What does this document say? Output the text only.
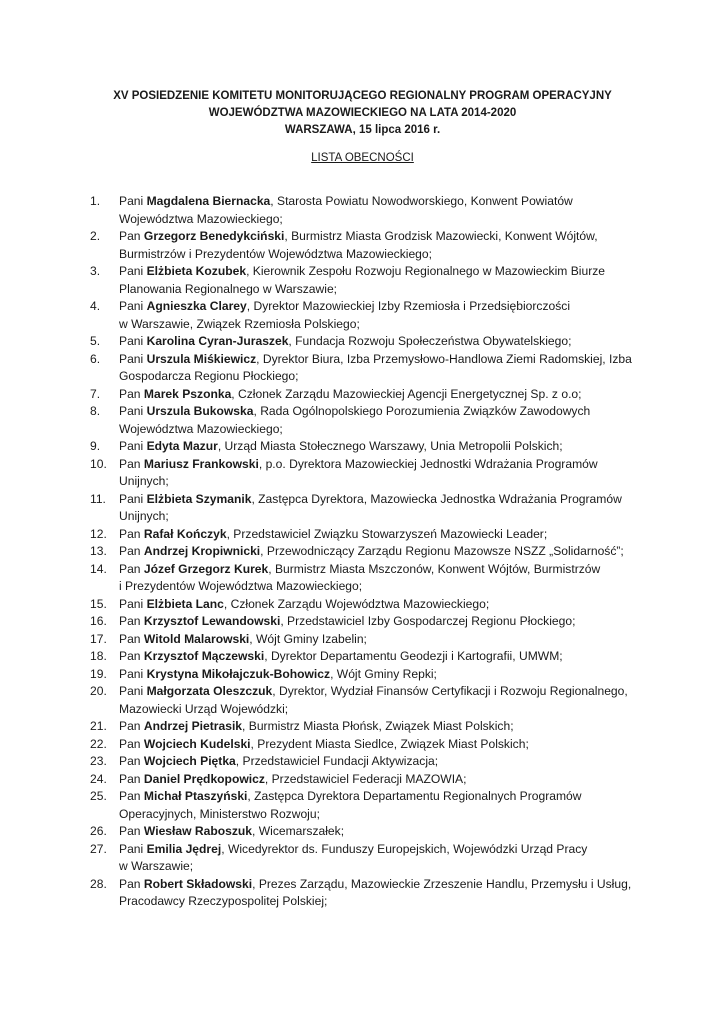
XV POSIEDZENIE KOMITETU MONITORUJĄCEGO REGIONALNY PROGRAM OPERACYJNY
WOJEWÓDZTWA MAZOWIECKIEGO NA LATA 2014-2020
WARSZAWA, 15 lipca 2016 r.
LISTA OBECNOŚCI
1.	Pani Magdalena Biernacka, Starosta Powiatu Nowodworskiego, Konwent Powiatów
Województwa Mazowieckiego;
2.	Pan Grzegorz Benedykciński, Burmistrz Miasta Grodzisk Mazowiecki, Konwent Wójtów,
Burmistrzów i Prezydentów Województwa Mazowieckiego;
3.	Pani Elżbieta Kozubek, Kierownik Zespołu Rozwoju Regionalnego w Mazowieckim Biurze
Planowania Regionalnego w Warszawie;
4.	Pani Agnieszka Clarey, Dyrektor Mazowieckiej Izby Rzemiosła i Przedsiębiorczości
w Warszawie, Związek Rzemiosła Polskiego;
5.	Pani Karolina Cyran-Juraszek, Fundacja Rozwoju Społeczeństwa Obywatelskiego;
6.	Pani Urszula Miśkiewicz, Dyrektor Biura, Izba Przemysłowo-Handlowa Ziemi Radomskiej, Izba
Gospodarcza Regionu Płockiego;
7.	Pan Marek Pszonka, Członek Zarządu Mazowieckiej Agencji Energetycznej Sp. z o.o;
8.	Pani Urszula Bukowska, Rada Ogólnopolskiego Porozumienia Związków Zawodowych
Województwa Mazowieckiego;
9.	Pani Edyta Mazur, Urząd Miasta Stołecznego Warszawy, Unia Metropolii Polskich;
10.	Pan Mariusz Frankowski, p.o. Dyrektora Mazowieckiej Jednostki Wdrażania Programów
Unijnych;
11.	Pani Elżbieta Szymanik, Zastępca Dyrektora, Mazowiecka Jednostka Wdrażania Programów
Unijnych;
12.	Pan Rafał Kończyk, Przedstawiciel Związku Stowarzyszeń Mazowiecki Leader;
13.	Pan Andrzej Kropiwnicki, Przewodniczący Zarządu Regionu Mazowsze NSZZ „Solidarność”;
14.	Pan Józef Grzegorz Kurek, Burmistrz Miasta Mszczonów, Konwent Wójtów, Burmistrzów
i Prezydentów Województwa Mazowieckiego;
15.	Pani Elżbieta Lanc, Członek Zarządu Województwa Mazowieckiego;
16.	Pan Krzysztof Lewandowski, Przedstawiciel Izby Gospodarczej Regionu Płockiego;
17.	Pan Witold Malarowski, Wójt Gminy Izabelin;
18.	Pan Krzysztof Mączewski, Dyrektor Departamentu Geodezji i Kartografii, UMWM;
19.	Pani Krystyna Mikołajczuk-Bohowicz, Wójt Gminy Repki;
20.	Pani Małgorzata Oleszczuk, Dyrektor, Wydział Finansów Certyfikacji i Rozwoju Regionalnego,
Mazowiecki Urząd Wojewódzki;
21.	Pan Andrzej Pietrasik, Burmistrz Miasta Płońsk, Związek Miast Polskich;
22.	Pan Wojciech Kudelski, Prezydent Miasta Siedlce, Związek Miast Polskich;
23.	Pan Wojciech Piętka, Przedstawiciel Fundacji Aktywizacja;
24.	Pan Daniel Prędkopowicz, Przedstawiciel Federacji MAZOWIA;
25.	Pan Michał Ptaszyński, Zastępca Dyrektora Departamentu Regionalnych Programów
Operacyjnych, Ministerstwo Rozwoju;
26.	Pan Wiesław Raboszuk, Wicemarszałek;
27.	Pani Emilia Jędrej, Wicedyrektor ds. Funduszy Europejskich, Wojewódzki Urząd Pracy
w Warszawie;
28.	Pan Robert Składowski, Prezes Zarządu, Mazowieckie Zrzeszenie Handlu, Przemysłu i Usług,
Pracodawcy Rzeczypospolitej Polskiej;
